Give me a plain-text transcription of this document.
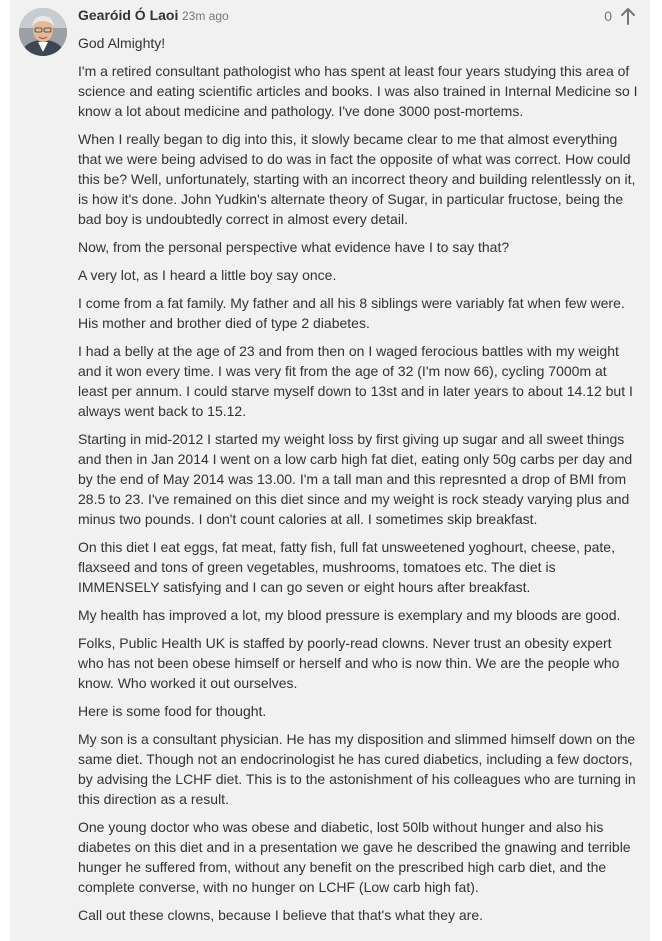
Gearóid Ó Laoi 23m ago	0

God Almighty!

I'm a retired consultant pathologist who has spent at least four years studying this area of science and eating scientific articles and books. I was also trained in Internal Medicine so I know a lot about medicine and pathology. I've done 3000 post-mortems.

When I really began to dig into this, it slowly became clear to me that almost everything that we were being advised to do was in fact the opposite of what was correct. How could this be? Well, unfortunately, starting with an incorrect theory and building relentlessly on it, is how it's done. John Yudkin's alternate theory of Sugar, in particular fructose, being the bad boy is undoubtedly correct in almost every detail.

Now, from the personal perspective what evidence have I to say that?

A very lot, as I heard a little boy say once.

I come from a fat family. My father and all his 8 siblings were variably fat when few were. His mother and brother died of type 2 diabetes.

I had a belly at the age of 23 and from then on I waged ferocious battles with my weight and it won every time. I was very fit from the age of 32 (I'm now 66), cycling 7000m at least per annum. I could starve myself down to 13st and in later years to about 14.12 but I always went back to 15.12.

Starting in mid-2012 I started my weight loss by first giving up sugar and all sweet things and then in Jan 2014 I went on a low carb high fat diet, eating only 50g carbs per day and by the end of May 2014 was 13.00. I'm a tall man and this represnted a drop of BMI from 28.5 to 23. I've remained on this diet since and my weight is rock steady varying plus and minus two pounds. I don't count calories at all. I sometimes skip breakfast.

On this diet I eat eggs, fat meat, fatty fish, full fat unsweetened yoghourt, cheese, pate, flaxseed and tons of green vegetables, mushrooms, tomatoes etc. The diet is IMMENSELY satisfying and I can go seven or eight hours after breakfast.

My health has improved a lot, my blood pressure is exemplary and my bloods are good.

Folks, Public Health UK is staffed by poorly-read clowns. Never trust an obesity expert who has not been obese himself or herself and who is now thin. We are the people who know. Who worked it out ourselves.

Here is some food for thought.

My son is a consultant physician. He has my disposition and slimmed himself down on the same diet. Though not an endocrinologist he has cured diabetics, including a few doctors, by advising the LCHF diet. This is to the astonishment of his colleagues who are turning in this direction as a result.

One young doctor who was obese and diabetic, lost 50lb without hunger and also his diabetes on this diet and in a presentation we gave he described the gnawing and terrible hunger he suffered from, without any benefit on the prescribed high carb diet, and the complete converse, with no hunger on LCHF (Low carb high fat).

Call out these clowns, because I believe that that's what they are.
